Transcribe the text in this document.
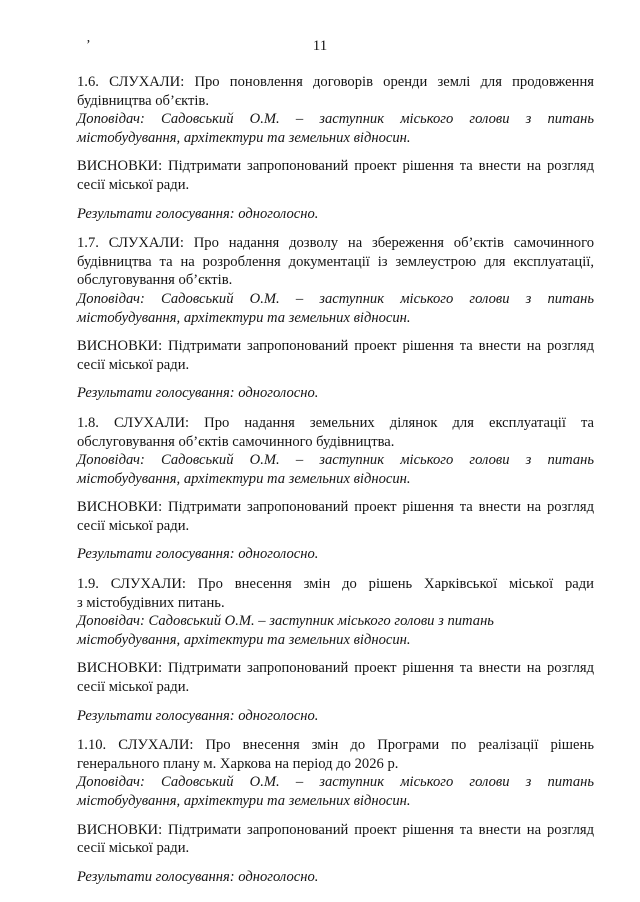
ʼ	11

1.6. СЛУХАЛИ: Про поновлення договорів оренди землі для продовження

будівництва об’єктів.

Доповідач: Садовський О.М. – заступник міського голови з питань

містобудування, архітектури та земельних відносин.

ВИСНОВКИ: Підтримати запропонований проект рішення та внести на розгляд

сесії міської ради.

Результати голосування: одноголосно.

1.7. СЛУХАЛИ: Про надання дозволу на збереження об’єктів самочинного

будівництва та на розроблення документації із землеустрою для експлуатації,

обслуговування об’єктів.

Доповідач: Садовський О.М. – заступник міського голови з питань

містобудування, архітектури та земельних відносин.

ВИСНОВКИ: Підтримати запропонований проект рішення та внести на розгляд

сесії міської ради.

Результати голосування: одноголосно.

1.8. СЛУХАЛИ: Про надання земельних ділянок для експлуатації та

обслуговування об’єктів самочинного будівництва.

Доповідач: Садовський О.М. – заступник міського голови з питань

містобудування, архітектури та земельних відносин.

ВИСНОВКИ: Підтримати запропонований проект рішення та внести на розгляд

сесії міської ради.

Результати голосування: одноголосно.

1.9. СЛУХАЛИ: Про внесення змін до рішень Харківської міської ради

з містобудівних питань.

Доповідач: Садовський О.М. – заступник міського голови з питань

містобудування, архітектури та земельних відносин.

ВИСНОВКИ: Підтримати запропонований проект рішення та внести на розгляд

сесії міської ради.

Результати голосування: одноголосно.

1.10. СЛУХАЛИ: Про внесення змін до Програми по реалізації рішень

генерального плану м. Харкова на період до 2026 р.

Доповідач: Садовський О.М. – заступник міського голови з питань

містобудування, архітектури та земельних відносин.

ВИСНОВКИ: Підтримати запропонований проект рішення та внести на розгляд

сесії міської ради.

Результати голосування: одноголосно.
